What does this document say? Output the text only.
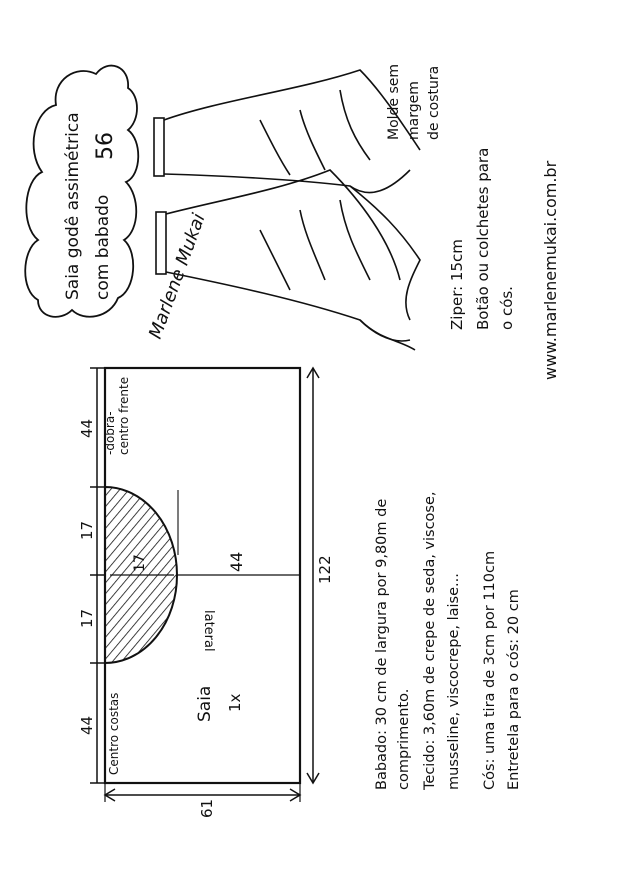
Saia godê assimétrica com babado
56
Marlene Mukai
Molde sem margem de costura
Ziper: 15cm Botão ou colchetes para o cós. www.marlenemukai.com.br
44
17
17
44
centro frente
-dobra-
Centro costas
17	44
lateral
Saia 1x
122
61
Babado: 30 cm de largura por 9,80m de comprimento. Tecido: 3,60m de crepe de seda, viscose, musseline, viscocrepe, laise... Cós: uma tira de 3cm por 110cm Entretela para o cós: 20 cm
